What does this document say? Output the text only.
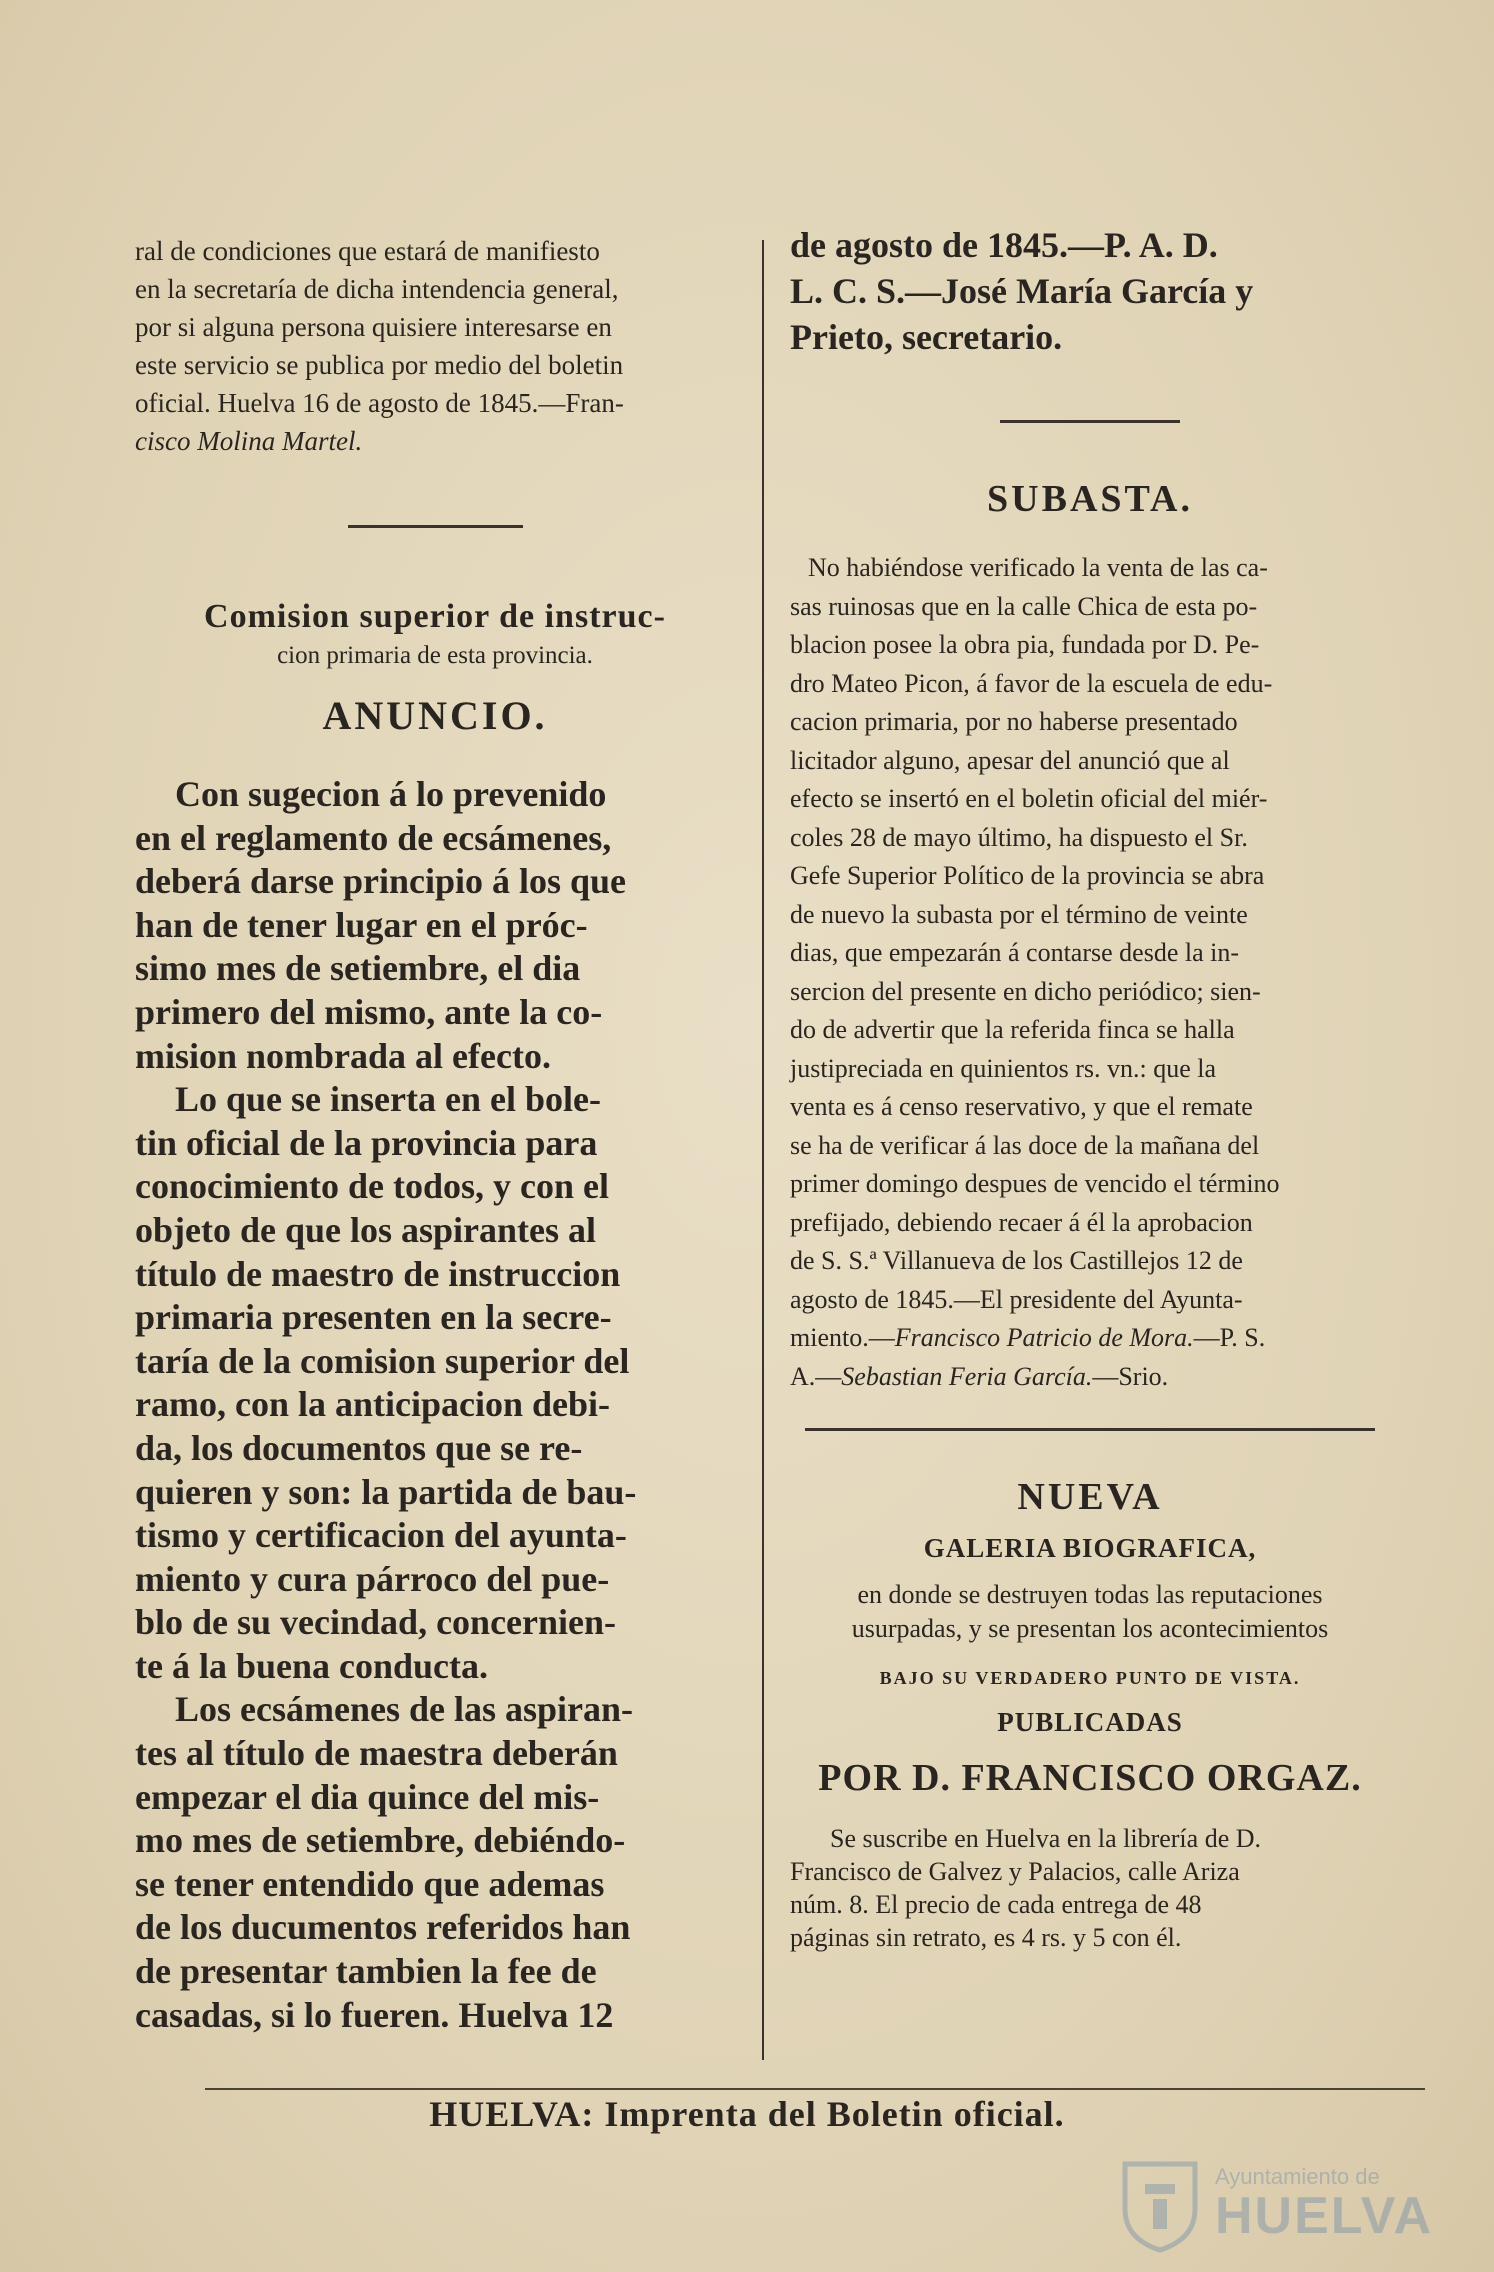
ral de condiciones que estará de manifiesto
en la secretaría de dicha intendencia general,
por si alguna persona quisiere interesarse en
este servicio se publica por medio del boletin
oficial. Huelva 16 de agosto de 1845.—Fran-
cisco Molina Martel.

Comision superior de instruc-

cion primaria de esta provincia.

ANUNCIO.

Con sugecion á lo prevenido
en el reglamento de ecsámenes,
deberá darse principio á los que
han de tener lugar en el próc-
simo mes de setiembre, el dia
primero del mismo, ante la co-
mision nombrada al efecto.
Lo que se inserta en el bole-
tin oficial de la provincia para
conocimiento de todos, y con el
objeto de que los aspirantes al
título de maestro de instruccion
primaria presenten en la secre-
taría de la comision superior del
ramo, con la anticipacion debi-
da, los documentos que se re-
quieren y son: la partida de bau-
tismo y certificacion del ayunta-
miento y cura párroco del pue-
blo de su vecindad, concernien-
te á la buena conducta.
Los ecsámenes de las aspiran-
tes al título de maestra deberán
empezar el dia quince del mis-
mo mes de setiembre, debiéndo-
se tener entendido que ademas
de los ducumentos referidos han
de presentar tambien la fee de
casadas, si lo fueren. Huelva 12
de agosto de 1845.—P. A. D.
L. C. S.—José María García y
Prieto, secretario.

SUBASTA.

No habiéndose verificado la venta de las ca-
sas ruinosas que en la calle Chica de esta po-
blacion posee la obra pia, fundada por D. Pe-
dro Mateo Picon, á favor de la escuela de edu-
cacion primaria, por no haberse presentado
licitador alguno, apesar del anunció que al
efecto se insertó en el boletin oficial del miér-
coles 28 de mayo último, ha dispuesto el Sr.
Gefe Superior Político de la provincia se abra
de nuevo la subasta por el término de veinte
dias, que empezarán á contarse desde la in-
sercion del presente en dicho periódico; sien-
do de advertir que la referida finca se halla
justipreciada en quinientos rs. vn.: que la
venta es á censo reservativo, y que el remate
se ha de verificar á las doce de la mañana del
primer domingo despues de vencido el término
prefijado, debiendo recaer á él la aprobacion
de S. S.ª Villanueva de los Castillejos 12 de
agosto de 1845.—El presidente del Ayunta-
miento.—Francisco Patricio de Mora.—P. S.
A.—Sebastian Feria García.—Srio.

NUEVA

GALERIA BIOGRAFICA,

en donde se destruyen todas las reputaciones
usurpadas, y se presentan los acontecimientos

BAJO SU VERDADERO PUNTO DE VISTA.

PUBLICADAS

POR D. FRANCISCO ORGAZ.

Se suscribe en Huelva en la librería de D.
Francisco de Galvez y Palacios, calle Ariza
núm. 8. El precio de cada entrega de 48
páginas sin retrato, es 4 rs. y 5 con él.
HUELVA: Imprenta del Boletin oficial.
Ayuntamiento de
HUELVA
